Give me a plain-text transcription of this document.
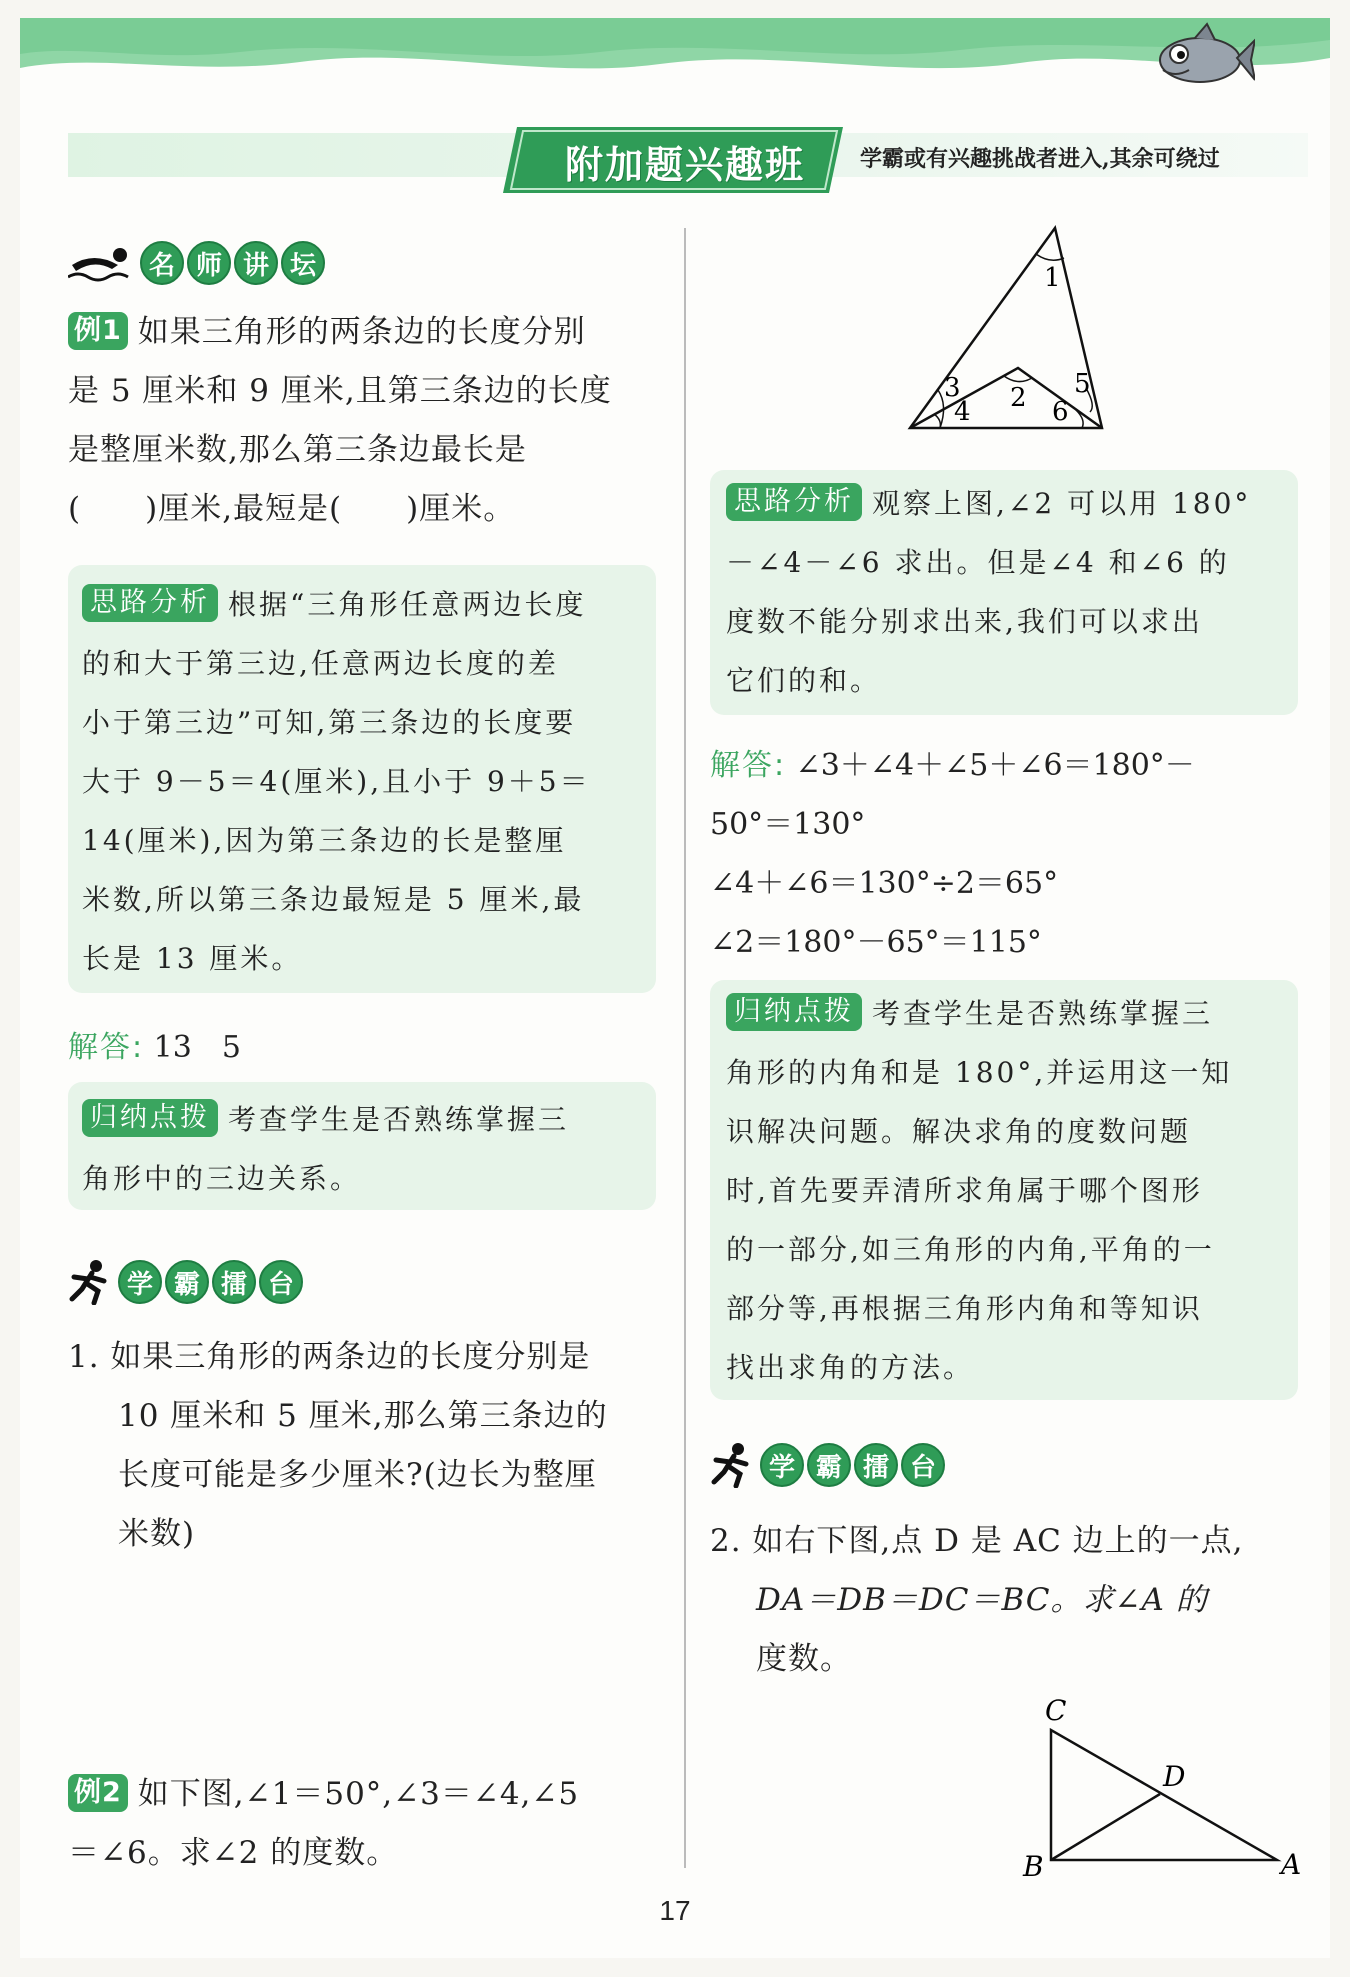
附加题兴趣班	学霸或有兴趣挑战者进入,其余可绕过
名 师 讲 坛
例1 如果三角形的两条边的长度分别
是 5 厘米和 9 厘米,且第三条边的长度
是整厘米数,那么第三条边最长是
(　　)厘米,最短是(　　)厘米。
思路分析 根据“三角形任意两边长度
的和大于第三边,任意两边长度的差
小于第三边”可知,第三条边的长度要
大于 9－5＝4(厘米),且小于 9＋5＝
14(厘米),因为第三条边的长是整厘
米数,所以第三条边最短是 5 厘米,最
长是 13 厘米。
解答: 13　5
归纳点拨 考查学生是否熟练掌握三
角形中的三边关系。
学 霸 擂 台
1. 如果三角形的两条边的长度分别是
10 厘米和 5 厘米,那么第三条边的
长度可能是多少厘米?(边长为整厘
米数)
例2 如下图,∠1＝50°,∠3＝∠4,∠5
＝∠6。求∠2 的度数。
1
2
3
4
5
6
思路分析 观察上图,∠2 可以用 180°
－∠4－∠6 求出。但是∠4 和∠6 的
度数不能分别求出来,我们可以求出
它们的和。
解答: ∠3＋∠4＋∠5＋∠6＝180°－
50°＝130°
∠4＋∠6＝130°÷2＝65°
∠2＝180°－65°＝115°
归纳点拨 考查学生是否熟练掌握三
角形的内角和是 180°,并运用这一知
识解决问题。解决求角的度数问题
时,首先要弄清所求角属于哪个图形
的一部分,如三角形的内角,平角的一
部分等,再根据三角形内角和等知识
找出求角的方法。
学 霸 擂 台
2. 如右下图,点 D 是 AC 边上的一点,
DA＝DB＝DC＝BC。求∠A 的
度数。
C
D
B	A
17
